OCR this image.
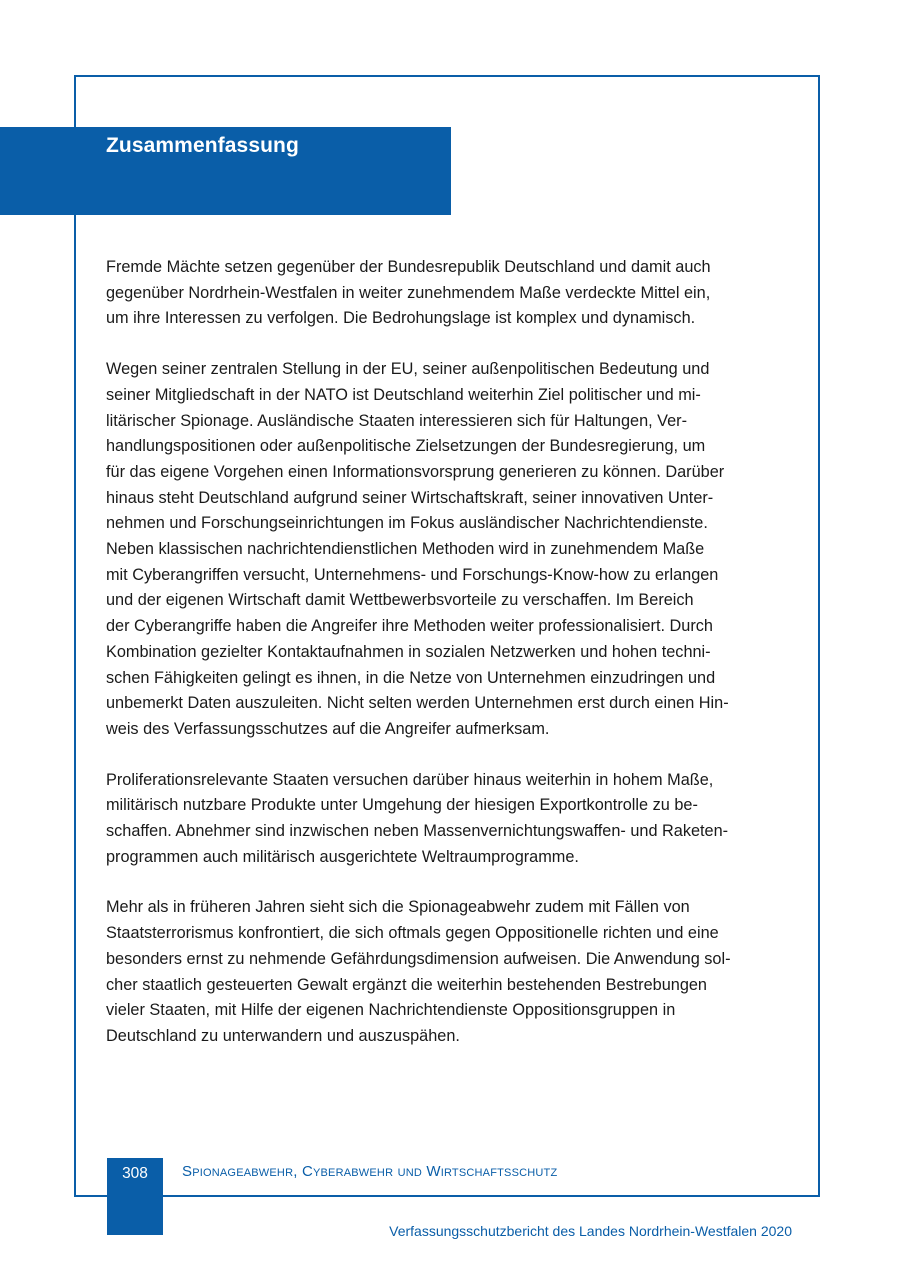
Zusammenfassung

Fremde Mächte setzen gegenüber der Bundesrepublik Deutschland und damit auch
gegenüber Nordrhein-Westfalen in weiter zunehmendem Maße verdeckte Mittel ein,
um ihre Interessen zu verfolgen. Die Bedrohungslage ist komplex und dynamisch.

Wegen seiner zentralen Stellung in der EU, seiner außenpolitischen Bedeutung und
seiner Mitgliedschaft in der NATO ist Deutschland weiterhin Ziel politischer und mi-
litärischer Spionage. Ausländische Staaten interessieren sich für Haltungen, Ver-
handlungspositionen oder außenpolitische Zielsetzungen der Bundesregierung, um
für das eigene Vorgehen einen Informationsvorsprung generieren zu können. Darüber
hinaus steht Deutschland aufgrund seiner Wirtschaftskraft, seiner innovativen Unter-
nehmen und Forschungseinrichtungen im Fokus ausländischer Nachrichtendienste.
Neben klassischen nachrichtendienstlichen Methoden wird in zunehmendem Maße
mit Cyberangriffen versucht, Unternehmens- und Forschungs-Know-how zu erlangen
und der eigenen Wirtschaft damit Wettbewerbsvorteile zu verschaffen. Im Bereich
der Cyberangriffe haben die Angreifer ihre Methoden weiter professionalisiert. Durch
Kombination gezielter Kontaktaufnahmen in sozialen Netzwerken und hohen techni-
schen Fähigkeiten gelingt es ihnen, in die Netze von Unternehmen einzudringen und
unbemerkt Daten auszuleiten. Nicht selten werden Unternehmen erst durch einen Hin-
weis des Verfassungsschutzes auf die Angreifer aufmerksam.

Proliferationsrelevante Staaten versuchen darüber hinaus weiterhin in hohem Maße,
militärisch nutzbare Produkte unter Umgehung der hiesigen Exportkontrolle zu be-
schaffen. Abnehmer sind inzwischen neben Massenvernichtungswaffen- und Raketen-
programmen auch militärisch ausgerichtete Weltraumprogramme.

Mehr als in früheren Jahren sieht sich die Spionageabwehr zudem mit Fällen von
Staatsterrorismus konfrontiert, die sich oftmals gegen Oppositionelle richten und eine
besonders ernst zu nehmende Gefährdungsdimension aufweisen. Die Anwendung sol-
cher staatlich gesteuerten Gewalt ergänzt die weiterhin bestehenden Bestrebungen
vieler Staaten, mit Hilfe der eigenen Nachrichtendienste Oppositionsgruppen in
Deutschland zu unterwandern und auszuspähen.

308	Spionageabwehr, Cyberabwehr und Wirtschaftsschutz
Verfassungsschutzbericht des Landes Nordrhein-Westfalen 2020
